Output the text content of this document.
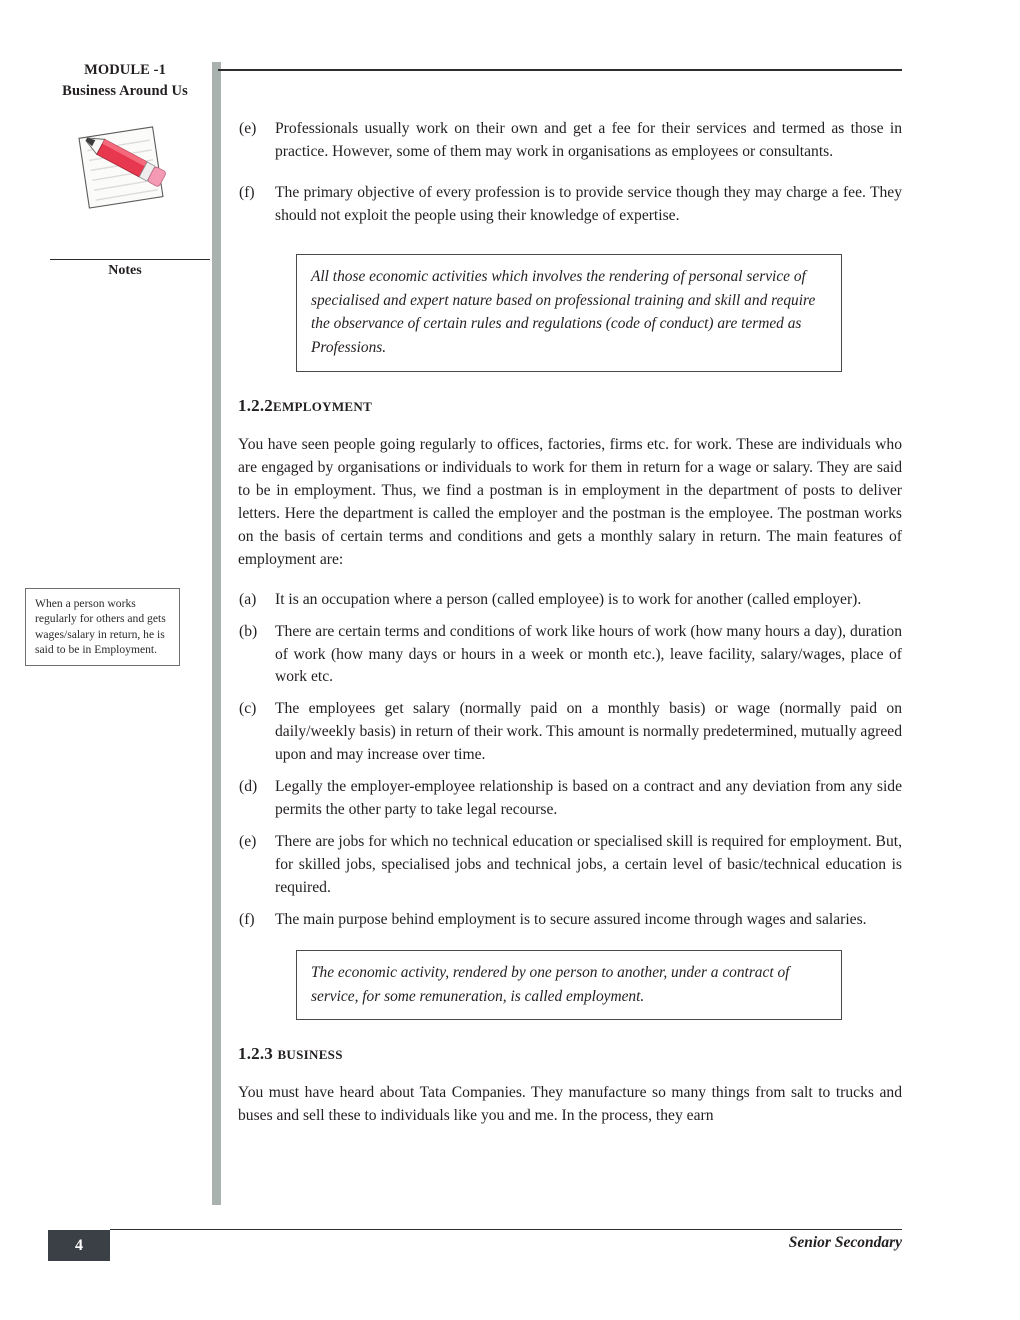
MODULE -1
Business Around Us
Notes
When a person works regularly for others and gets wages/salary in return, he is said to be in Employment.
(e)	Professionals usually work on their own and get a fee for their services and termed as those in practice. However, some of them may work in organisations as employees or consultants.
(f)	The primary objective of every profession is to provide service though they may charge a fee. They should not exploit the people using their knowledge of expertise.
All those economic activities which involves the rendering of personal service of specialised and expert nature based on professional training and skill and require the observance of certain rules and regulations (code of conduct) are termed as Professions.
1.2.2employment

You have seen people going regularly to offices, factories, firms etc. for work. These are individuals who are engaged by organisations or individuals to work for them in return for a wage or salary. They are said to be in employment. Thus, we find a postman is in employment in the department of posts to deliver letters. Here the department is called the employer and the postman is the employee. The postman works on the basis of certain terms and conditions and gets a monthly salary in return. The main features of employment are:

(a)	It is an occupation where a person (called employee) is to work for another (called employer).
(b)	There are certain terms and conditions of work like hours of work (how many hours a day), duration of work (how many days or hours in a week or month etc.), leave facility, salary/wages, place of work etc.
(c)	The employees get salary (normally paid on a monthly basis) or wage (normally paid on daily/weekly basis) in return of their work. This amount is normally predetermined, mutually agreed upon and may increase over time.
(d)	Legally the employer-employee relationship is based on a contract and any deviation from any side permits the other party to take legal recourse.
(e)	There are jobs for which no technical education or specialised skill is required for employment. But, for skilled jobs, specialised jobs and technical jobs, a certain level of basic/technical education is required.
(f)	The main purpose behind employment is to secure assured income through wages and salaries.
The economic activity, rendered by one person to another, under a contract of service, for some remuneration, is called employment.
1.2.3 business

You must have heard about Tata Companies. They manufacture so many things from salt to trucks and buses and sell these to individuals like you and me. In the process, they earn

4	Senior Secondary
